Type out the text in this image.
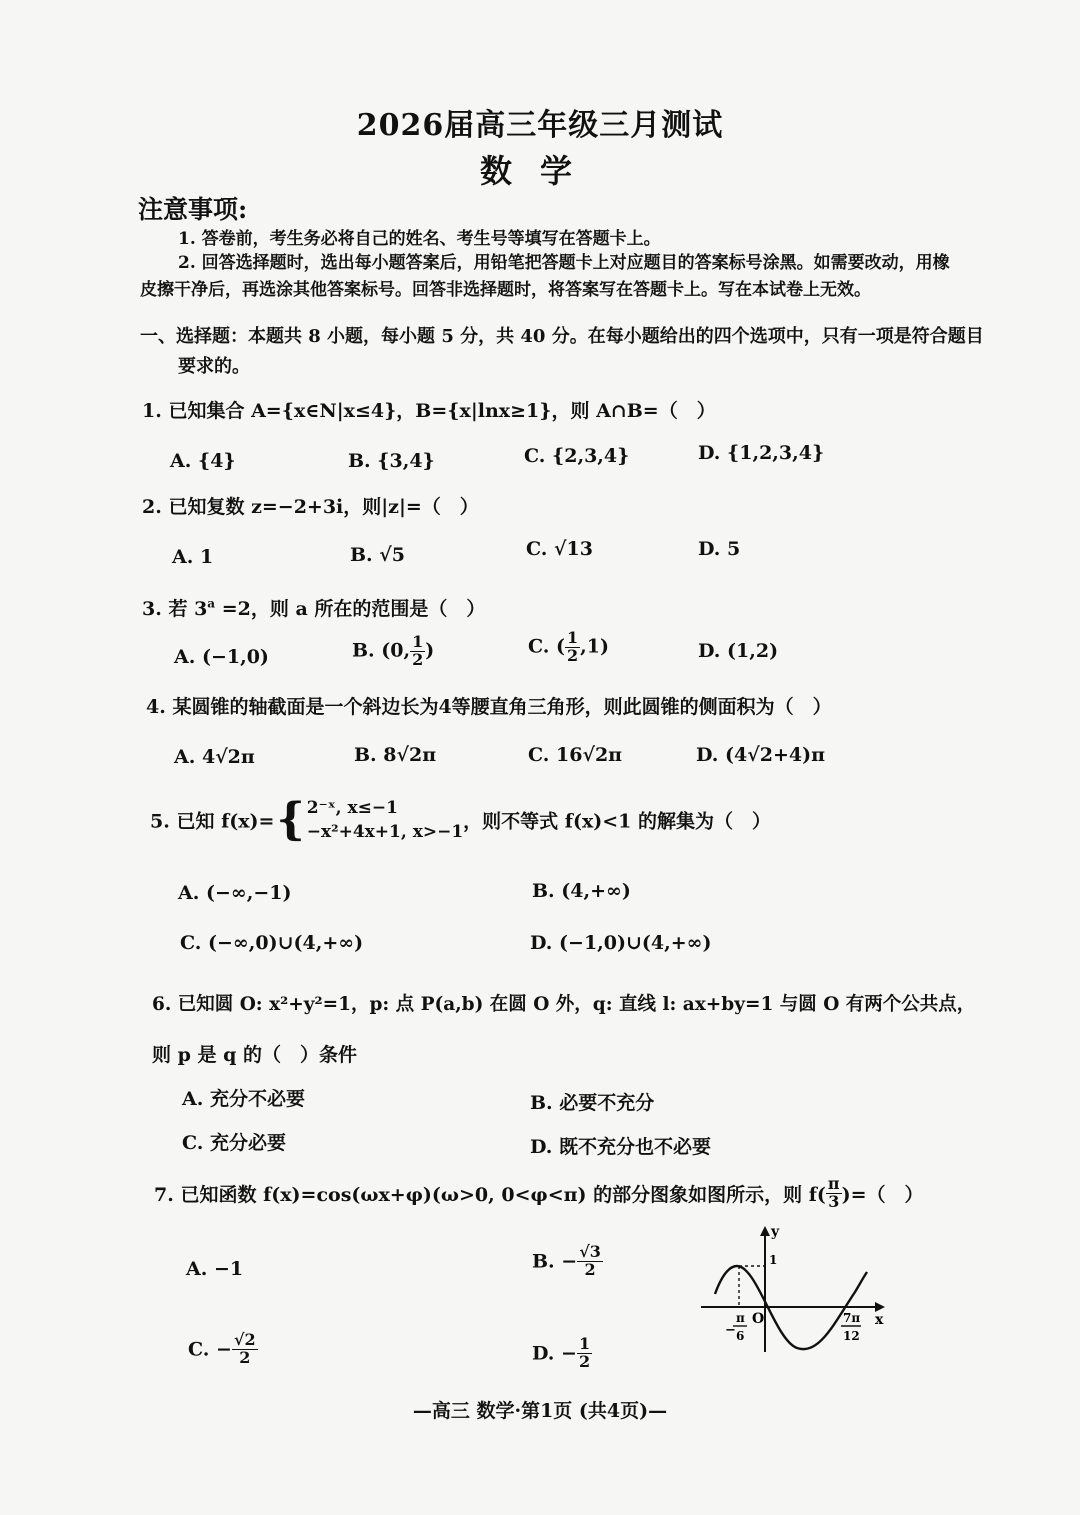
2026届高三年级三月测试
数学
注意事项:
1. 答卷前，考生务必将自己的姓名、考生号等填写在答题卡上。
2. 回答选择题时，选出每小题答案后，用铅笔把答题卡上对应题目的答案标号涂黑。如需要改动，用橡皮擦干净后，再选涂其他答案标号。回答非选择题时，将答案写在答题卡上。写在本试卷上无效。
一、选择题：本题共 8 小题，每小题 5 分，共 40 分。在每小题给出的四个选项中，只有一项是符合题目要求的。
1. 已知集合 A={x∈N|x≤4}，B={x|lnx≥1}，则 A∩B=（　）
A. {4}	B. {3,4}	C. {2,3,4}	D. {1,2,3,4}
2. 已知复数 z=−2+3i，则|z|=（　）
A. 1	B. √5	C. √13	D. 5
3. 若 $3^a =2$，则 a 所在的范围是（　）
A. (−1,0)	B. (0, $\frac{1}{2}$ )	C. ( $\frac{1}{2} ,1$)	D. (1,2)
4. 某圆锥的轴截面是一个斜边长为4等腰直角三角形，则此圆锥的侧面积为（　）
A. 4√2π	B. 8√2π	C. 16√2π	D. (4√2+4)π
5. 已知 f(x)={ 2⁻ˣ, x≤−1
−x²+4x+1, x>−1 ，则不等式 f(x)<1 的解集为（　）
A. (−∞,−1)	B. (4,+∞)
C. (−∞,0)∪(4,+∞)	D. (−1,0)∪(4,+∞)
6. 已知圆 O: x²+y²=1，p: 点 P(a,b) 在圆 O 外，q: 直线 l: ax+by=1 与圆 O 有两个公共点，
则 p 是 q 的（　）条件
A. 充分不必要	B. 必要不充分
C. 充分必要	D. 既不充分也不必要
7. 已知函数 f(x)=cos(ωx+φ)(ω>0, 0<φ<π) 的部分图象如图所示，则 $f( \frac{\pi}{3}$ )=（　）
A. −1	B. − $\frac{√3}{2}$
C. − $\frac{√2}{2}$	D. − $\frac{1}{2}$
y
x
O
1
−
π
6
7π
12
—高三 数学·第1页 (共4页)—
